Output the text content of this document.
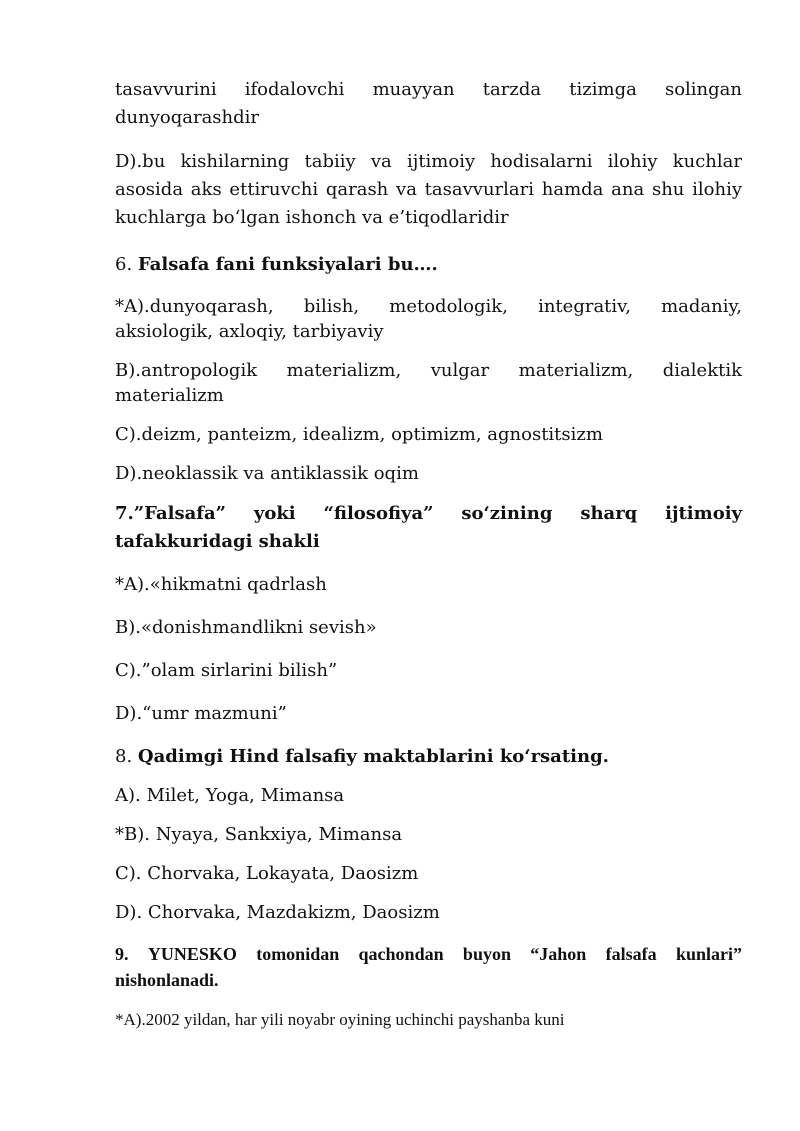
tasavvurini ifodalovchi muayyan tarzda tizimga solingan dunyoqarashdir

D).bu kishilarning tabiiy va ijtimoiy hodisalarni ilohiy kuchlar asosida aks ettiruvchi qarash va tasavvurlari hamda ana shu ilohiy kuchlarga bo‘lgan ishonch va e’tiqodlaridir

6. Falsafa fani funksiyalari bu….

*A).dunyoqarash, bilish, metodologik, integrativ, madaniy, aksiologik, axloqiy, tarbiyaviy

B).antropologik materializm, vulgar materializm, dialektik materializm

C).deizm, panteizm, idealizm, optimizm, agnostitsizm

D).neoklassik va antiklassik oqim

7.”Falsafa” yoki “filosofiya” so‘zining sharq ijtimoiy tafakkuridagi shakli

*A).«hikmatni qadrlash

B).«donishmandlikni sevish»

C).”olam sirlarini bilish”

D).“umr mazmuni”

8. Qadimgi Hind falsafiy maktablarini ko‘rsating.

A). Milet, Yoga, Mimansa

*B). Nyaya, Sankxiya, Mimansa

C). Chorvaka, Lokayata, Daosizm

D). Chorvaka, Mazdakizm, Daosizm

9. YUNESKO tomonidan qachondan buyon “Jahon falsafa kunlari” nishonlanadi.

*A).2002 yildan, har yili noyabr oyining uchinchi payshanba kuni
